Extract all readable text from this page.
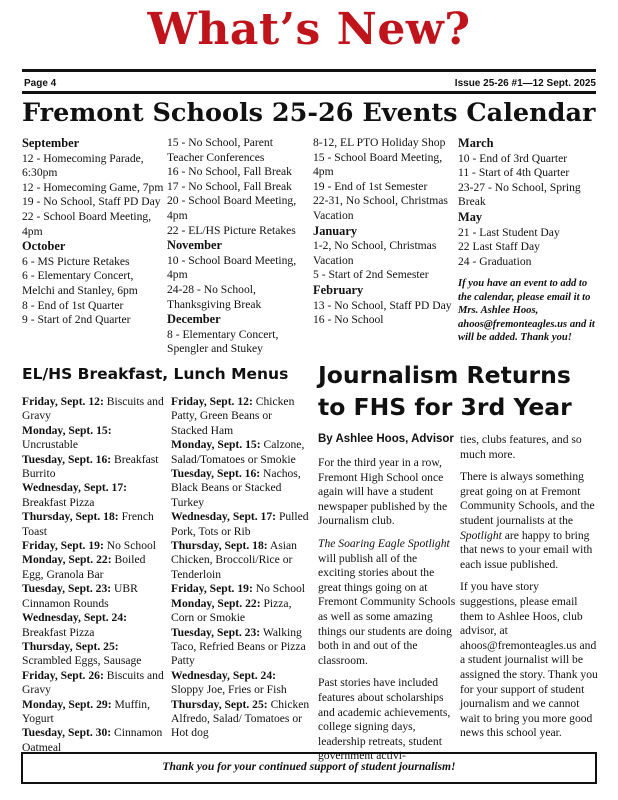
What’s New?
Page 4	Issue 25-26 #1—12 Sept. 2025
Fremont Schools 25-26 Events Calendar
September
12 - Homecoming Parade, 6:30pm
12 - Homecoming Game, 7pm
19 - No School, Staff PD Day
22 - School Board Meeting, 4pm
October
6 - MS Picture Retakes
6 - Elementary Concert, Melchi and Stanley, 6pm
8 - End of 1st Quarter
9 - Start of 2nd Quarter
15 - No School, Parent Teacher Conferences
16 - No School, Fall Break
17 - No School, Fall Break
20 - School Board Meeting, 4pm
22 - EL/HS Picture Retakes
November
10 - School Board Meeting, 4pm
24-28 - No School, Thanksgiving Break
December
8 - Elementary Concert, Spengler and Stukey
8-12, EL PTO Holiday Shop
15 - School Board Meeting, 4pm
19 - End of 1st Semester
22-31, No School, Christmas Vacation
January
1-2, No School, Christmas Vacation
5 - Start of 2nd Semester
February
13 - No School, Staff PD Day
16 - No School
March
10 - End of 3rd Quarter
11 - Start of 4th Quarter
23-27 - No School, Spring Break
May
21 - Last Student Day
22 Last Staff Day
24 - Graduation
If you have an event to add to the calendar, please email it to Mrs. Ashlee Hoos, ahoos@fremonteagles.us and it will be added. Thank you!
EL/HS Breakfast, Lunch Menus
Friday, Sept. 12: Biscuits and Gravy
Monday, Sept. 15: Uncrustable
Tuesday, Sept. 16: Breakfast Burrito
Wednesday, Sept. 17: Breakfast Pizza
Thursday, Sept. 18: French Toast
Friday, Sept. 19: No School
Monday, Sept. 22: Boiled Egg, Granola Bar
Tuesday, Sept. 23: UBR Cinnamon Rounds
Wednesday, Sept. 24: Breakfast Pizza
Thursday, Sept. 25: Scrambled Eggs, Sausage
Friday, Sept. 26: Biscuits and Gravy
Monday, Sept. 29: Muffin, Yogurt
Tuesday, Sept. 30: Cinnamon Oatmeal
Friday, Sept. 12: Chicken Patty, Green Beans or Stacked Ham
Monday, Sept. 15: Calzone, Salad/Tomatoes or Smokie
Tuesday, Sept. 16: Nachos, Black Beans or Stacked Turkey
Wednesday, Sept. 17: Pulled Pork, Tots or Rib
Thursday, Sept. 18: Asian Chicken, Broccoli/Rice or Tenderloin
Friday, Sept. 19: No School
Monday, Sept. 22: Pizza, Corn or Smokie
Tuesday, Sept. 23: Walking Taco, Refried Beans or Pizza Patty
Wednesday, Sept. 24: Sloppy Joe, Fries or Fish
Thursday, Sept. 25: Chicken Alfredo, Salad/ Tomatoes or Hot dog
Journalism Returns to FHS for 3rd Year
By Ashlee Hoos, Advisor

For the third year in a row, Fremont High School once again will have a student newspaper published by the Journalism club.

The Soaring Eagle Spotlight will publish all of the exciting stories about the great things going on at Fremont Community Schools as well as some amazing things our students are doing both in and out of the classroom.

Past stories have included features about scholarships and academic achievements, college signing days, leadership retreats, student government activi-

ties, clubs features, and so much more.

There is always something great going on at Fremont Community Schools, and the student journalists at the Spotlight are happy to bring that news to your email with each issue published.

If you have story suggestions, please email them to Ashlee Hoos, club advisor, at ahoos@fremonteagles.us and a student journalist will be assigned the story. Thank you for your support of student journalism and we cannot wait to bring you more good news this school year.

Thank you for your continued support of student journalism!
